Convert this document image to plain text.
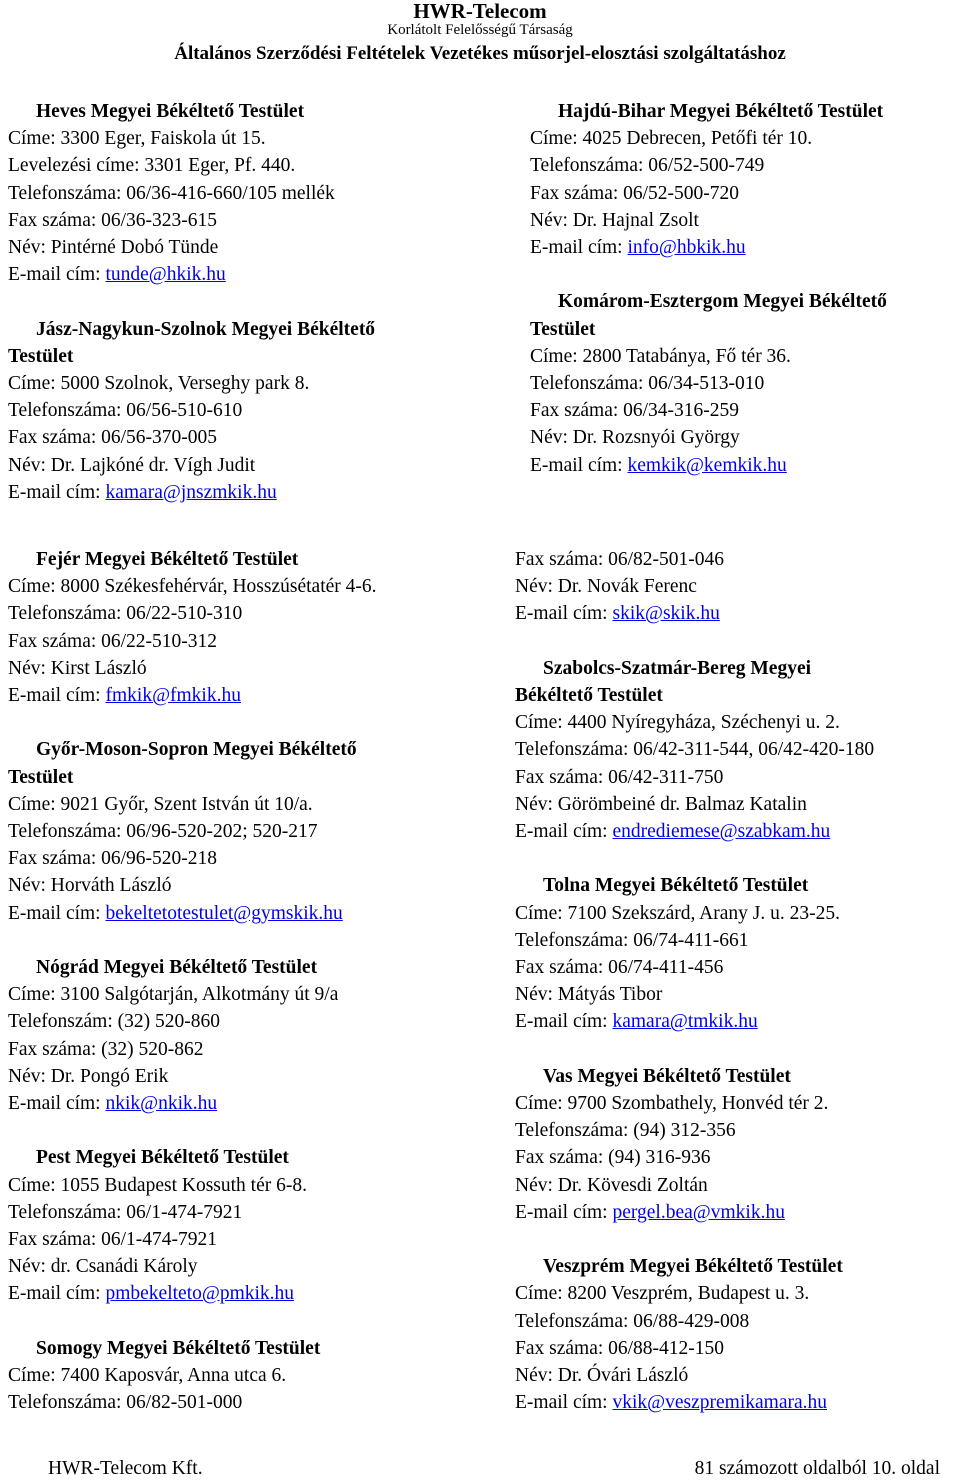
HWR-Telecom
Korlátolt Felelősségű Társaság
Általános Szerződési Feltételek Vezetékes műsorjel-elosztási szolgáltatáshoz
Heves Megyei Békéltető Testület
Címe: 3300 Eger, Faiskola út 15.
Levelezési címe: 3301 Eger, Pf. 440.
Telefonszáma: 06/36-416-660/105 mellék
Fax száma: 06/36-323-615
Név: Pintérné Dobó Tünde
E-mail cím: tunde@hkik.hu
Jász-Nagykun-Szolnok Megyei Békéltető
Testület
Címe: 5000 Szolnok, Verseghy park 8.
Telefonszáma: 06/56-510-610
Fax száma: 06/56-370-005
Név: Dr. Lajkóné dr. Vígh Judit
E-mail cím: kamara@jnszmkik.hu
Hajdú-Bihar Megyei Békéltető Testület
Címe: 4025 Debrecen, Petőfi tér 10.
Telefonszáma: 06/52-500-749
Fax száma: 06/52-500-720
Név: Dr. Hajnal Zsolt
E-mail cím: info@hbkik.hu
Komárom-Esztergom Megyei Békéltető
Testület
Címe: 2800 Tatabánya, Fő tér 36.
Telefonszáma: 06/34-513-010
Fax száma: 06/34-316-259
Név: Dr. Rozsnyói György
E-mail cím: kemkik@kemkik.hu
Fejér Megyei Békéltető Testület
Címe: 8000 Székesfehérvár, Hosszúsétatér 4-6.
Telefonszáma: 06/22-510-310
Fax száma: 06/22-510-312
Név: Kirst László
E-mail cím: fmkik@fmkik.hu
Győr-Moson-Sopron Megyei Békéltető
Testület
Címe: 9021 Győr, Szent István út 10/a.
Telefonszáma: 06/96-520-202; 520-217
Fax száma: 06/96-520-218
Név: Horváth László
E-mail cím: bekeltetotestulet@gymskik.hu
Nógrád Megyei Békéltető Testület
Címe: 3100 Salgótarján, Alkotmány út 9/a
Telefonszám: (32) 520-860
Fax száma: (32) 520-862
Név: Dr. Pongó Erik
E-mail cím: nkik@nkik.hu
Pest Megyei Békéltető Testület
Címe: 1055 Budapest Kossuth tér 6-8.
Telefonszáma: 06/1-474-7921
Fax száma: 06/1-474-7921
Név: dr. Csanádi Károly
E-mail cím: pmbekelteto@pmkik.hu
Somogy Megyei Békéltető Testület
Címe: 7400 Kaposvár, Anna utca 6.
Telefonszáma: 06/82-501-000
Fax száma: 06/82-501-046
Név: Dr. Novák Ferenc
E-mail cím: skik@skik.hu
Szabolcs-Szatmár-Bereg Megyei
Békéltető Testület
Címe: 4400 Nyíregyháza, Széchenyi u. 2.
Telefonszáma: 06/42-311-544, 06/42-420-180
Fax száma: 06/42-311-750
Név: Görömbeiné dr. Balmaz Katalin
E-mail cím: endrediemese@szabkam.hu
Tolna Megyei Békéltető Testület
Címe: 7100 Szekszárd, Arany J. u. 23-25.
Telefonszáma: 06/74-411-661
Fax száma: 06/74-411-456
Név: Mátyás Tibor
E-mail cím: kamara@tmkik.hu
Vas Megyei Békéltető Testület
Címe: 9700 Szombathely, Honvéd tér 2.
Telefonszáma: (94) 312-356
Fax száma: (94) 316-936
Név: Dr. Kövesdi Zoltán
E-mail cím: pergel.bea@vmkik.hu
Veszprém Megyei Békéltető Testület
Címe: 8200 Veszprém, Budapest u. 3.
Telefonszáma: 06/88-429-008
Fax száma: 06/88-412-150
Név: Dr. Óvári László
E-mail cím: vkik@veszpremikamara.hu
HWR-Telecom Kft.	81 számozott oldalból 10. oldal
